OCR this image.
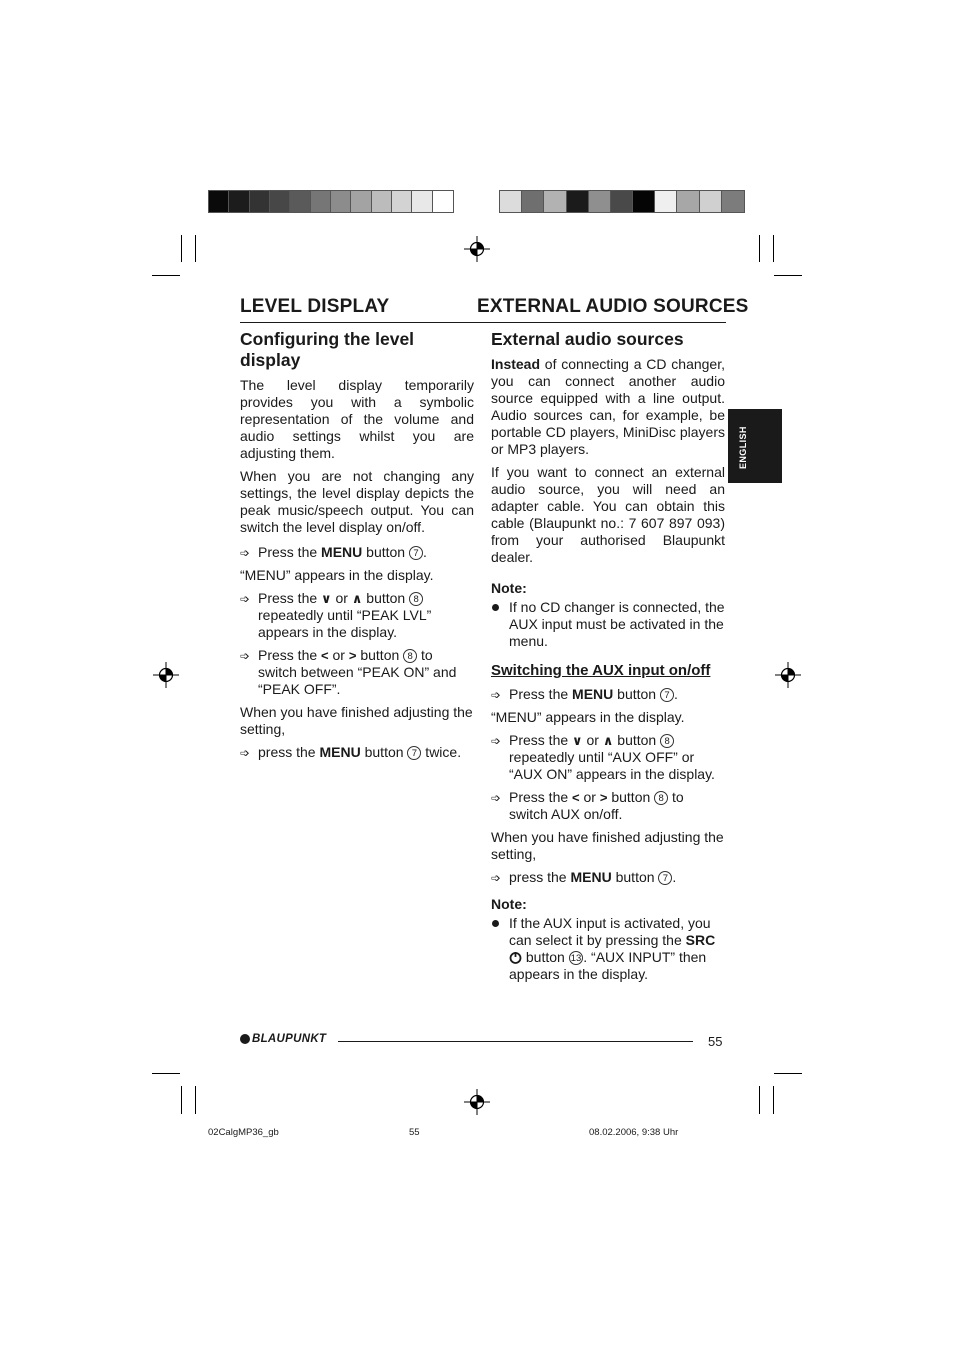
LEVEL DISPLAY	EXTERNAL AUDIO SOURCES
Configuring the level display

The level display temporarily provides you with a symbolic representation of the volume and audio settings whilst you are adjusting them.

When you are not changing any settings, the level display depicts the peak music/speech output. You can switch the level display on/off.

➩ Press the MENU button 7 .

“MENU” appears in the display.

➩ Press the ∨ or ∧ button 8 repeatedly until “PEAK LVL” appears in the display.
➩ Press the < or > button 8 to switch between “PEAK ON” and “PEAK OFF”.

When you have finished adjusting the setting,

➩ press the MENU button 7 twice.
External audio sources

Instead of connecting a CD changer, you can connect another audio source equipped with a line output. Audio sources can, for example, be portable CD players, MiniDisc players or MP3 players.

If you want to connect an external audio source, you will need an adapter cable. You can obtain this cable (Blaupunkt no.: 7 607 897 093) from your authorised Blaupunkt dealer.

Note:
If no CD changer is connected, the AUX input must be activated in the menu.
Switching the AUX input on/off
➩ Press the MENU button 7 .

“MENU” appears in the display.

➩ Press the ∨ or ∧ button 8 repeatedly until “AUX OFF” or “AUX ON” appears in the display.
➩ Press the < or > button 8 to switch AUX on/off.

When you have finished adjusting the setting,

➩ press the MENU button 7 .
Note:
If the AUX input is activated, you can select it by pressing the SRC
button 13 . “AUX INPUT” then appears in the display.
ENGLISH
BLAUPUNKT	55
02CalgMP36_gb	55	08.02.2006, 9:38 Uhr
